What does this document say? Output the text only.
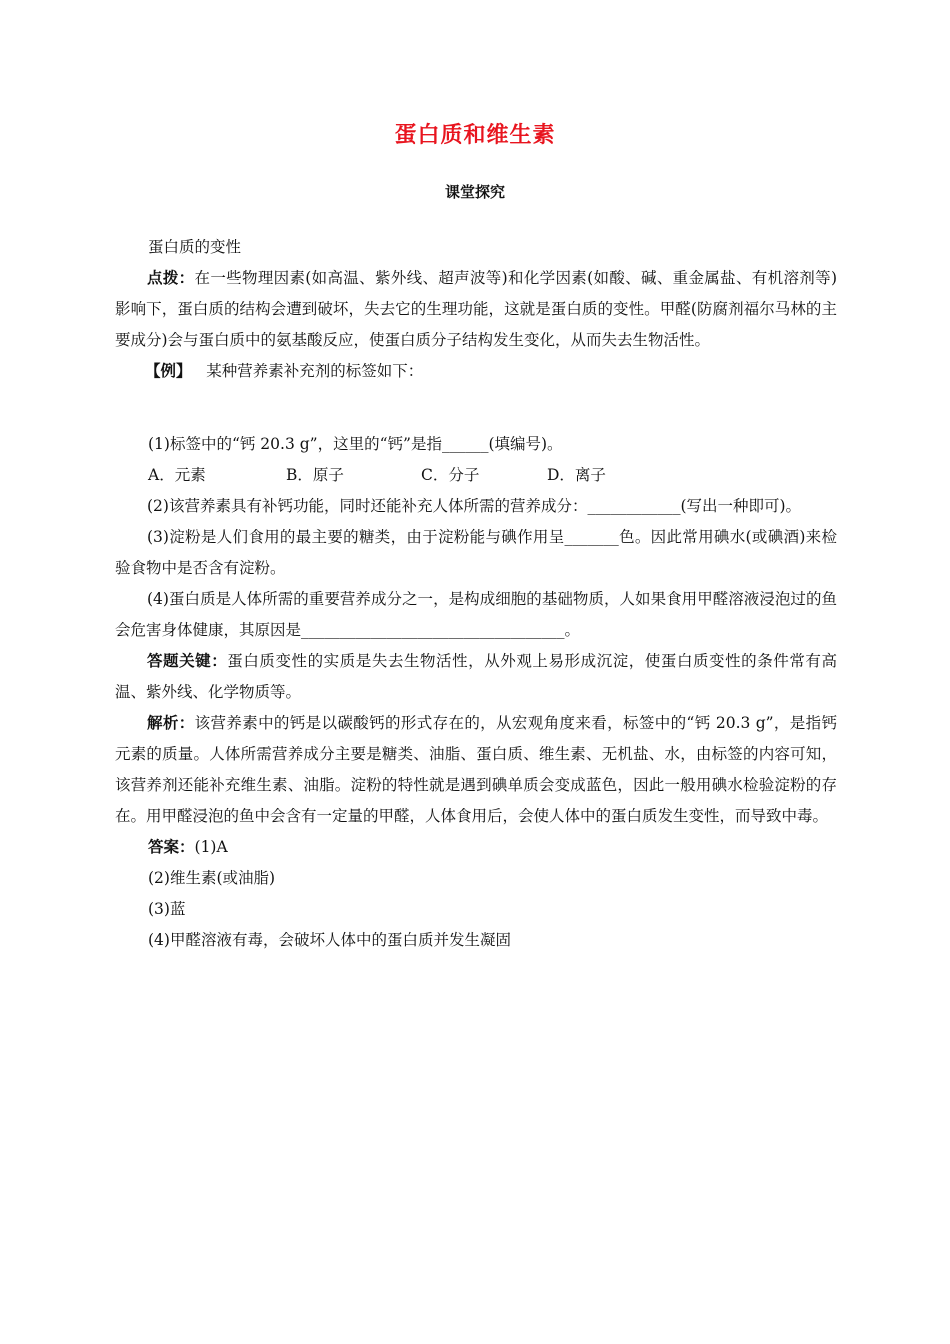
蛋白质和维生素
课堂探究
蛋白质的变性

点拨：在一些物理因素(如高温、紫外线、超声波等)和化学因素(如酸、碱、重金属盐、有机溶剂等)影响下，蛋白质的结构会遭到破坏，失去它的生理功能，这就是蛋白质的变性。甲醛(防腐剂福尔马林的主要成分)会与蛋白质中的氨基酸反应，使蛋白质分子结构发生变化，从而失去生物活性。

【例】 某种营养素补充剂的标签如下：
(1)标签中的“钙 20.3 g”，这里的“钙”是指______(填编号)。
A．元素	B．原子	C．分子	D．离子

(2)该营养素具有补钙功能，同时还能补充人体所需的营养成分：____________(写出一种即可)。

(3)淀粉是人们食用的最主要的糖类，由于淀粉能与碘作用呈_______色。因此常用碘水(或碘酒)来检验食物中是否含有淀粉。

(4)蛋白质是人体所需的重要营养成分之一，是构成细胞的基础物质，人如果食用甲醛溶液浸泡过的鱼会危害身体健康，其原因是__________________________________。

答题关键：蛋白质变性的实质是失去生物活性，从外观上易形成沉淀，使蛋白质变性的条件常有高温、紫外线、化学物质等。

解析：该营养素中的钙是以碳酸钙的形式存在的，从宏观角度来看，标签中的“钙 20.3 g”，是指钙元素的质量。人体所需营养成分主要是糖类、油脂、蛋白质、维生素、无机盐、水，由标签的内容可知，该营养剂还能补充维生素、油脂。淀粉的特性就是遇到碘单质会变成蓝色，因此一般用碘水检验淀粉的存在。用甲醛浸泡的鱼中会含有一定量的甲醛，人体食用后，会使人体中的蛋白质发生变性，而导致中毒。

答案：(1)A
(2)维生素(或油脂)
(3)蓝
(4)甲醛溶液有毒，会破坏人体中的蛋白质并发生凝固
